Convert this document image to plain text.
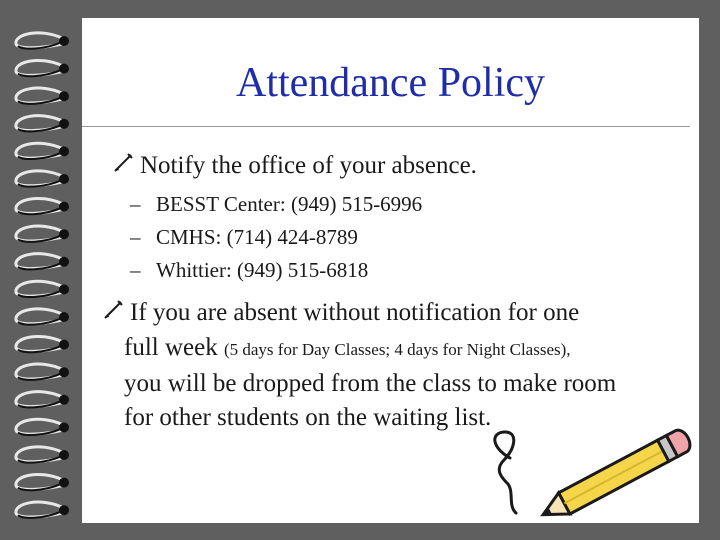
Attendance Policy
Notify the office of your absence.
– BESST Center: (949) 515-6996
– CMHS: (714) 424-8789
– Whittier: (949) 515-6818
If you are absent without notification for one
full week (5 days for Day Classes; 4 days for Night Classes),
you will be dropped from the class to make room
for other students on the waiting list.
